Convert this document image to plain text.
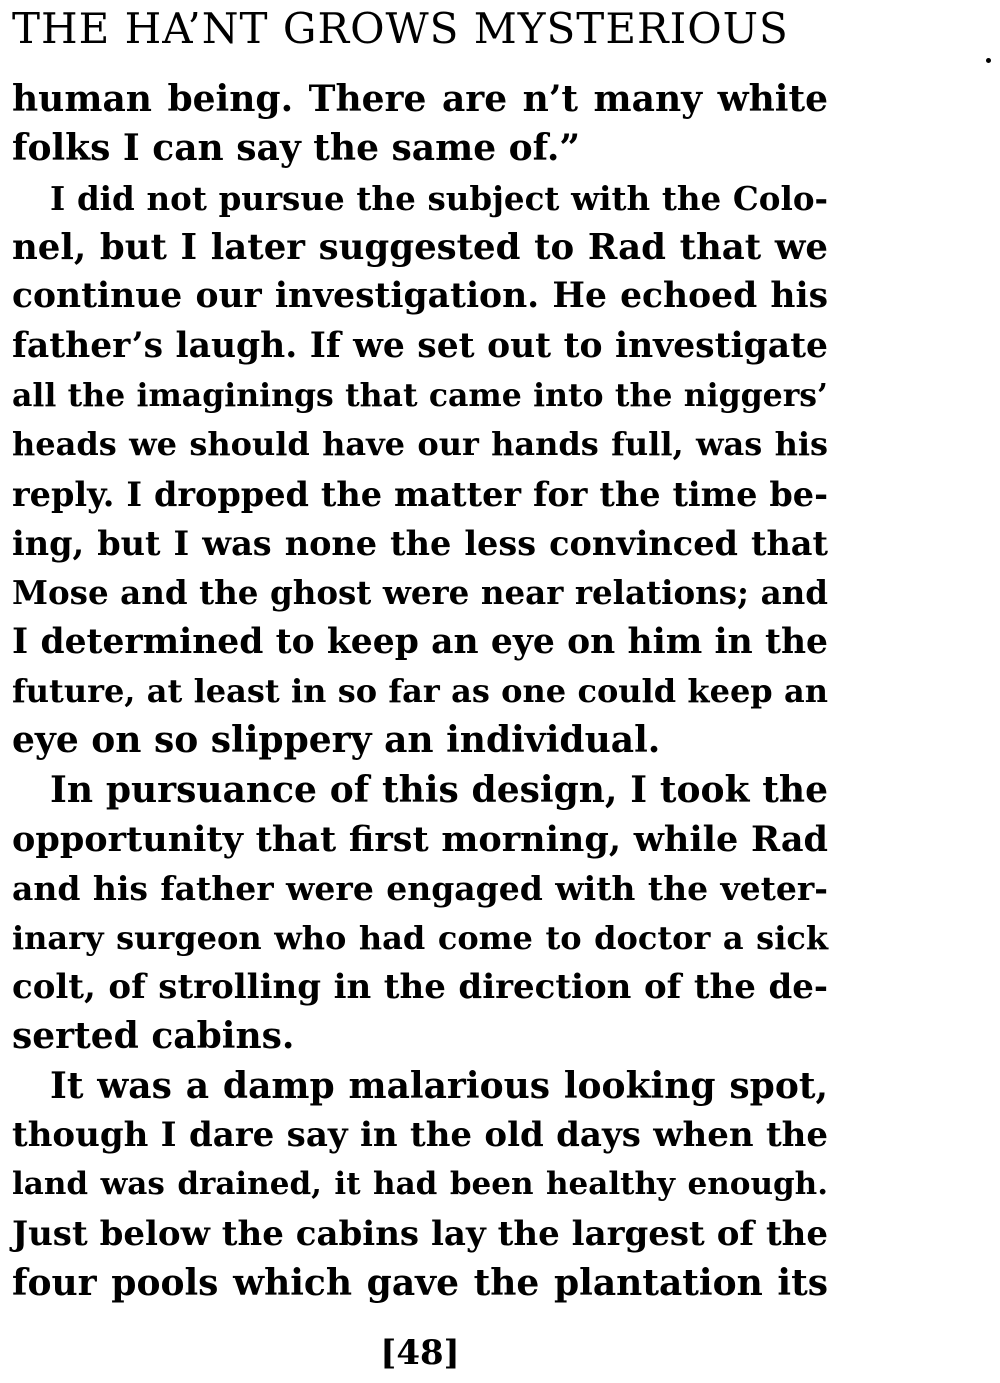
THE HA’NT GROWS MYSTERIOUS
human being. There are n’t many white
folks I can say the same of.”
I did not pursue the subject with the Colo-
nel, but I later suggested to Rad that we
continue our investigation. He echoed his
father’s laugh. If we set out to investigate
all the imaginings that came into the niggers’
heads we should have our hands full, was his
reply. I dropped the matter for the time be-
ing, but I was none the less convinced that
Mose and the ghost were near relations; and
I determined to keep an eye on him in the
future, at least in so far as one could keep an
eye on so slippery an individual.
In pursuance of this design, I took the
opportunity that first morning, while Rad
and his father were engaged with the veter-
inary surgeon who had come to doctor a sick
colt, of strolling in the direction of the de-
serted cabins.
It was a damp malarious looking spot,
though I dare say in the old days when the
land was drained, it had been healthy enough.
Just below the cabins lay the largest of the
four pools which gave the plantation its
[48]
